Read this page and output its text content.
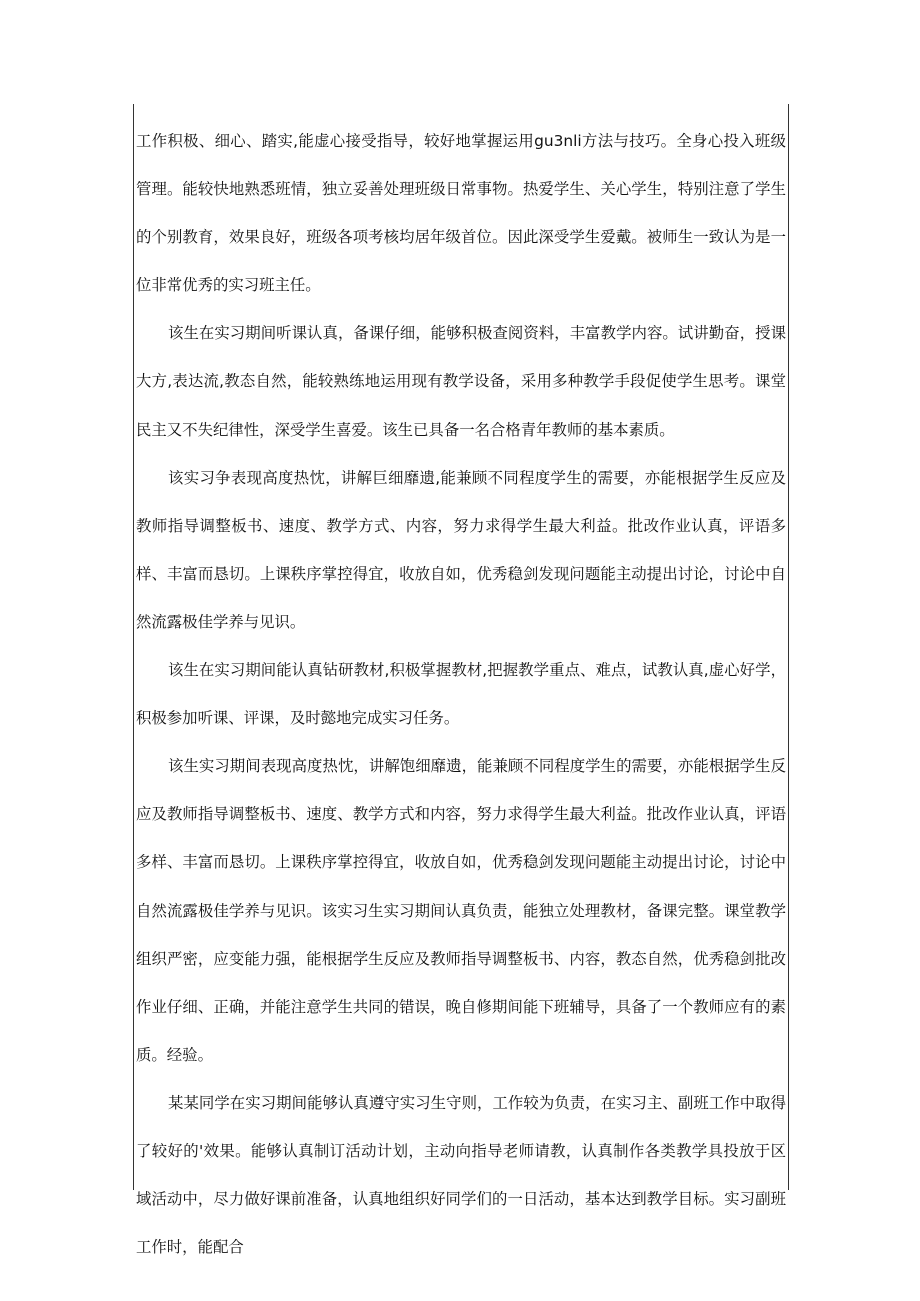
工作积极、细心、踏实,能虚心接受指导，较好地掌握运用gu3nli方法与技巧。全身心投入班级管理。能较快地熟悉班情，独立妥善处理班级日常事物。热爱学生、关心学生，特别注意了学生的个别教育，效果良好，班级各项考核均居年级首位。因此深受学生爱戴。被师生一致认为是一位非常优秀的实习班主任。

该生在实习期间听课认真，备课仔细，能够积极查阅资料，丰富教学内容。试讲勤奋，授课大方,表达流,教态自然，能较熟练地运用现有教学设备，采用多种教学手段促使学生思考。课堂民主又不失纪律性，深受学生喜爱。该生已具备一名合格青年教师的基本素质。

该实习争表现高度热忱，讲解巨细靡遗,能兼顾不同程度学生的需要，亦能根据学生反应及教师指导调整板书、速度、教学方式、内容，努力求得学生最大利益。批改作业认真，评语多样、丰富而恳切。上课秩序掌控得宜，收放自如，优秀稳剑发现问题能主动提出讨论，讨论中自然流露极佳学养与见识。

该生在实习期间能认真钻研教材,积极掌握教材,把握教学重点、难点，试教认真,虚心好学，积极参加听课、评课，及时懿地完成实习任务。

该生实习期间表现高度热忱，讲解饱细靡遗，能兼顾不同程度学生的需要，亦能根据学生反应及教师指导调整板书、速度、教学方式和内容，努力求得学生最大利益。批改作业认真，评语多样、丰富而恳切。上课秩序掌控得宜，收放自如，优秀稳剑发现问题能主动提出讨论，讨论中自然流露极佳学养与见识。该实习生实习期间认真负责，能独立处理教材，备课完整。课堂教学组织严密，应变能力强，能根据学生反应及教师指导调整板书、内容，教态自然，优秀稳剑批改作业仔细、正确，并能注意学生共同的错误，晚自修期间能下班辅导，具备了一个教师应有的素质。经验。

某某同学在实习期间能够认真遵守实习生守则，工作较为负责，在实习主、副班工作中取得了较好的'效果。能够认真制订活动计划，主动向指导老师请教，认真制作各类教学具投放于区域活动中，尽力做好课前准备，认真地组织好同学们的一日活动，基本达到教学目标。实习副班工作时，能配合
